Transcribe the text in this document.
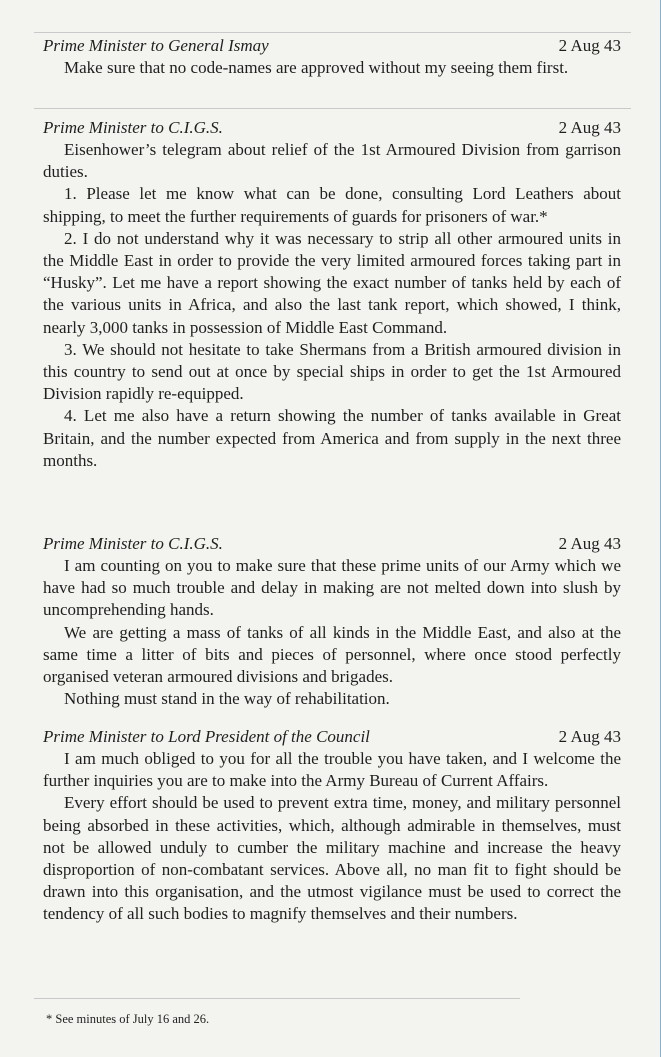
Prime Minister to General Ismay	2 Aug 43

Make sure that no code-names are approved without my seeing them first.

Prime Minister to C.I.G.S.	2 Aug 43

Eisenhower’s telegram about relief of the 1st Armoured Division from garrison duties.

1. Please let me know what can be done, consulting Lord Leathers about shipping, to meet the further requirements of guards for prisoners of war.*

2. I do not understand why it was necessary to strip all other armoured units in the Middle East in order to provide the very limited armoured forces taking part in “Husky”. Let me have a report showing the exact number of tanks held by each of the various units in Africa, and also the last tank report, which showed, I think, nearly 3,000 tanks in possession of Middle East Command.

3. We should not hesitate to take Shermans from a British armoured division in this country to send out at once by special ships in order to get the 1st Armoured Division rapidly re-equipped.

4. Let me also have a return showing the number of tanks available in Great Britain, and the number expected from America and from supply in the next three months.

Prime Minister to C.I.G.S.	2 Aug 43

I am counting on you to make sure that these prime units of our Army which we have had so much trouble and delay in making are not melted down into slush by uncomprehending hands.

We are getting a mass of tanks of all kinds in the Middle East, and also at the same time a litter of bits and pieces of personnel, where once stood perfectly organised veteran armoured divisions and brigades.

Nothing must stand in the way of rehabilitation.

Prime Minister to Lord President of the Council	2 Aug 43

I am much obliged to you for all the trouble you have taken, and I welcome the further inquiries you are to make into the Army Bureau of Current Affairs.

Every effort should be used to prevent extra time, money, and military personnel being absorbed in these activities, which, although admirable in themselves, must not be allowed unduly to cumber the military machine and increase the heavy disproportion of non-combatant services. Above all, no man fit to fight should be drawn into this organisation, and the utmost vigilance must be used to correct the tendency of all such bodies to magnify themselves and their numbers.

* See minutes of July 16 and 26.
